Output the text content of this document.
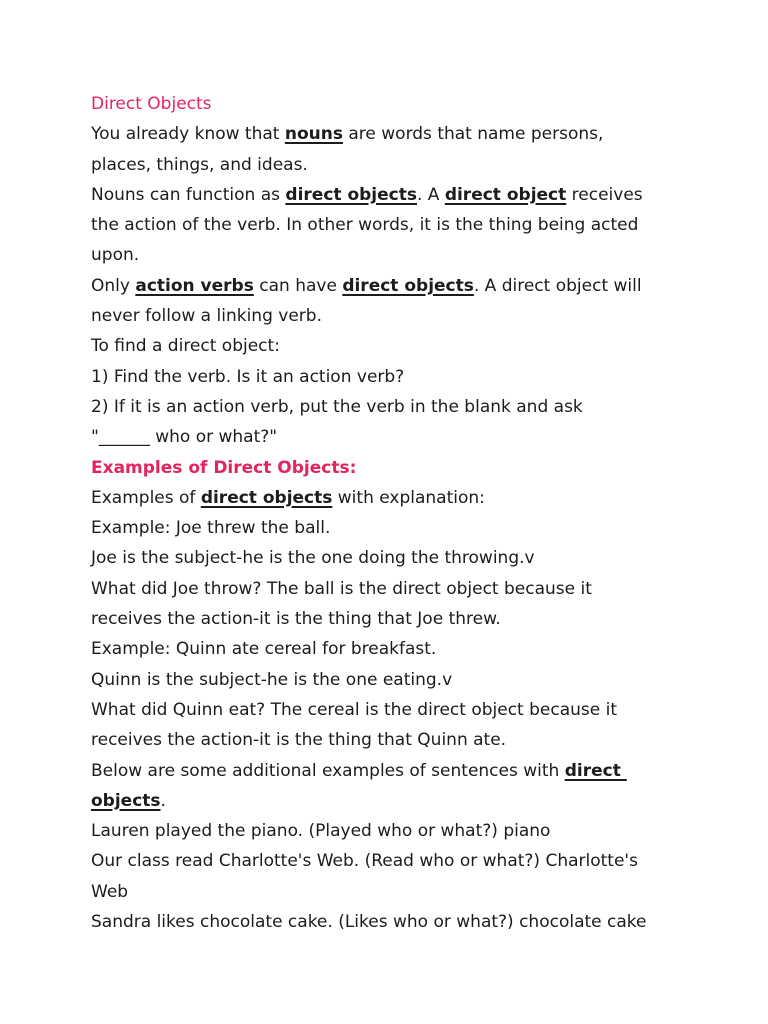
Direct Objects
You already know that nouns are words that name persons,
places, things, and ideas.
Nouns can function as direct objects. A direct object receives
the action of the verb. In other words, it is the thing being acted
upon.
Only action verbs can have direct objects. A direct object will
never follow a linking verb.
To find a direct object:
1) Find the verb. Is it an action verb?
2) If it is an action verb, put the verb in the blank and ask
"______ who or what?"
Examples of Direct Objects:
Examples of direct objects with explanation:
Example: Joe threw the ball.
Joe is the subject-he is the one doing the throwing.v
What did Joe throw? The ball is the direct object because it
receives the action-it is the thing that Joe threw.
Example: Quinn ate cereal for breakfast.
Quinn is the subject-he is the one eating.v
What did Quinn eat? The cereal is the direct object because it
receives the action-it is the thing that Quinn ate.
Below are some additional examples of sentences with direct
objects.
Lauren played the piano. (Played who or what?) piano
Our class read Charlotte's Web. (Read who or what?) Charlotte's
Web
Sandra likes chocolate cake. (Likes who or what?) chocolate cake
